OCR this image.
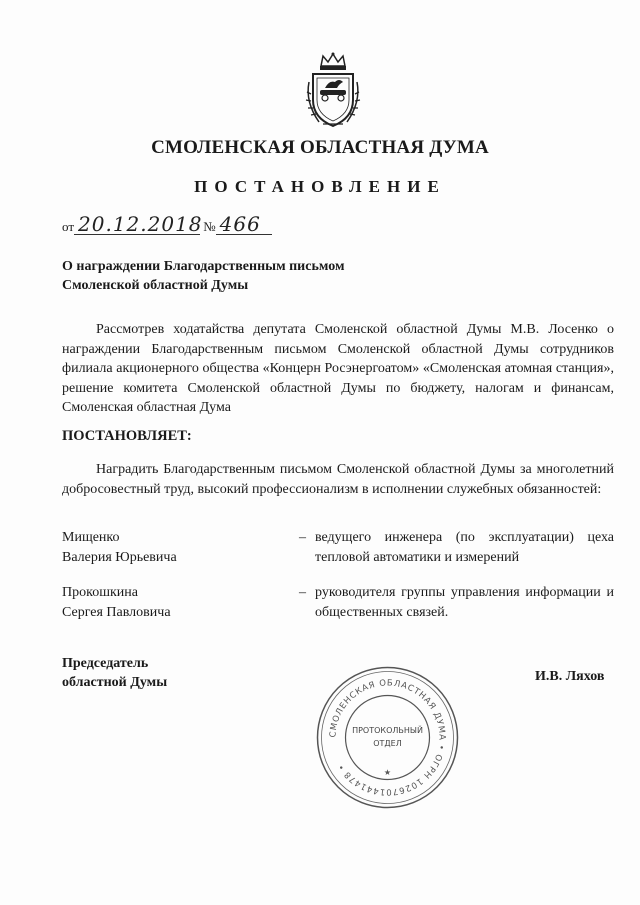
СМОЛЕНСКАЯ ОБЛАСТНАЯ ДУМА
ПОСТАНОВЛЕНИЕ
от 20.12.2018 № 466
О награждении Благодарственным письмом
Смоленской областной Думы
Рассмотрев ходатайства депутата Смоленской областной Думы М.В. Лосенко о награждении Благодарственным письмом Смоленской областной Думы сотрудников филиала акционерного общества «Концерн Росэнергоатом» «Смоленская атомная станция», решение комитета Смоленской областной Думы по бюджету, налогам и финансам, Смоленская областная Дума
ПОСТАНОВЛЯЕТ:
Наградить Благодарственным письмом Смоленской областной Думы за многолетний добросовестный труд, высокий профессионализм в исполнении служебных обязанностей:
Мищенко
Валерия Юрьевича
– ведущего инженера (по эксплуатации) цеха тепловой автоматики и измерений
Прокошкина
Сергея Павловича
– руководителя группы управления информации и общественных связей.
Председатель
областной Думы	И.В. Ляхов
СМОЛЕНСКАЯ ОБЛАСТНАЯ ДУМА • ОГРН 1026701441478 •
ПРОТОКОЛЬНЫЙ
ОТДЕЛ
★
